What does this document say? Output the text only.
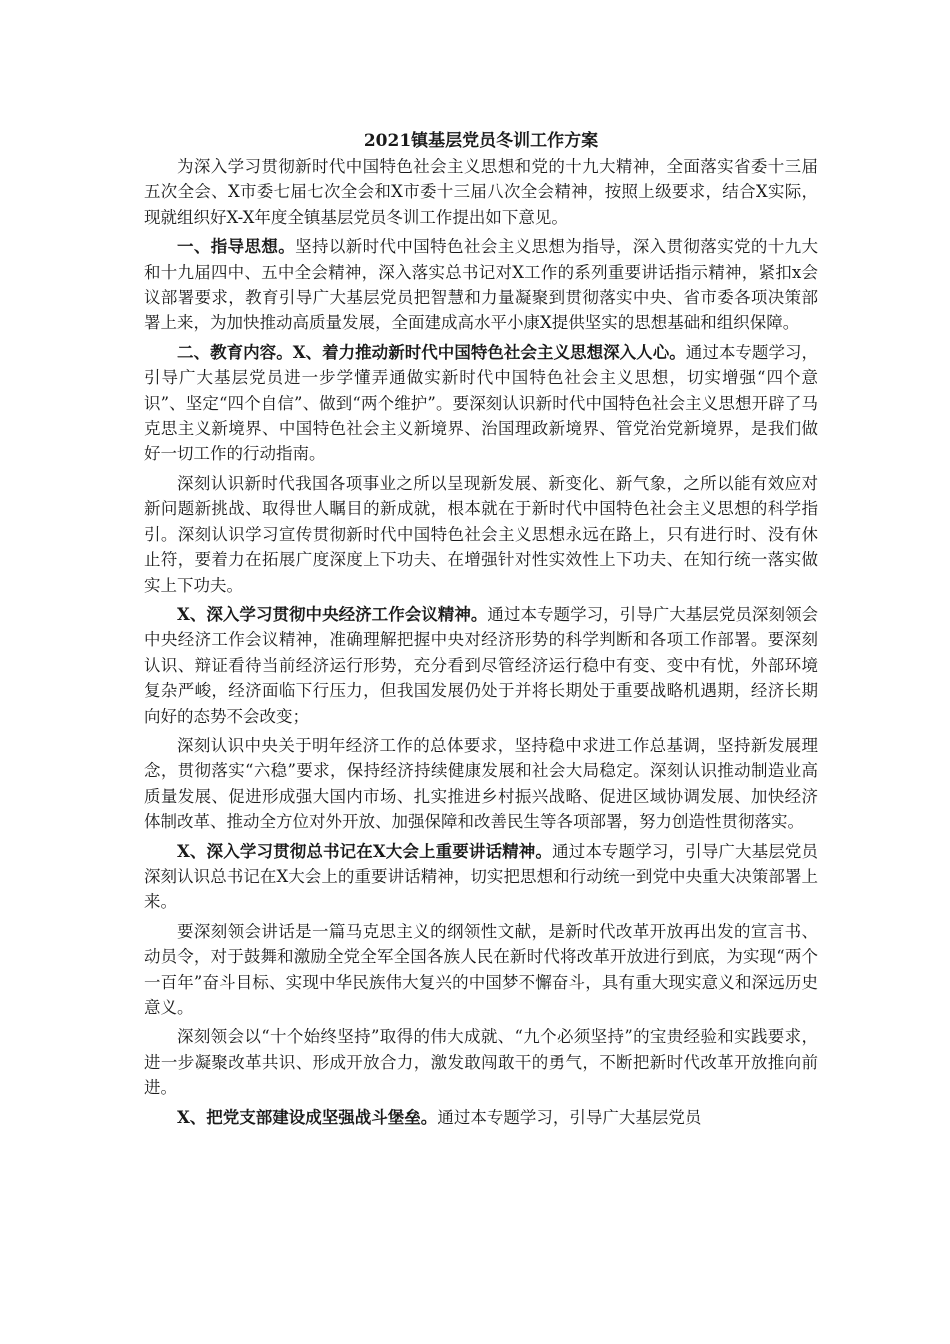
2021镇基层党员冬训工作方案

为深入学习贯彻新时代中国特色社会主义思想和党的十九大精神，全面落实省委十三届五次全会、X市委七届七次全会和X市委十三届八次全会精神，按照上级要求，结合X实际，现就组织好X-X年度全镇基层党员冬训工作提出如下意见。

一、指导思想。坚持以新时代中国特色社会主义思想为指导，深入贯彻落实党的十九大和十九届四中、五中全会精神，深入落实总书记对X工作的系列重要讲话指示精神，紧扣x会议部署要求，教育引导广大基层党员把智慧和力量凝聚到贯彻落实中央、省市委各项决策部署上来，为加快推动高质量发展，全面建成高水平小康X提供坚实的思想基础和组织保障。

二、教育内容。X、着力推动新时代中国特色社会主义思想深入人心。通过本专题学习，引导广大基层党员进一步学懂弄通做实新时代中国特色社会主义思想，切实增强“四个意识”、坚定“四个自信”、做到“两个维护”。要深刻认识新时代中国特色社会主义思想开辟了马克思主义新境界、中国特色社会主义新境界、治国理政新境界、管党治党新境界，是我们做好一切工作的行动指南。

深刻认识新时代我国各项事业之所以呈现新发展、新变化、新气象，之所以能有效应对新问题新挑战、取得世人瞩目的新成就，根本就在于新时代中国特色社会主义思想的科学指引。深刻认识学习宣传贯彻新时代中国特色社会主义思想永远在路上，只有进行时、没有休止符，要着力在拓展广度深度上下功夫、在增强针对性实效性上下功夫、在知行统一落实做实上下功夫。

X、深入学习贯彻中央经济工作会议精神。通过本专题学习，引导广大基层党员深刻领会中央经济工作会议精神，准确理解把握中央对经济形势的科学判断和各项工作部署。要深刻认识、辩证看待当前经济运行形势，充分看到尽管经济运行稳中有变、变中有忧，外部环境复杂严峻，经济面临下行压力，但我国发展仍处于并将长期处于重要战略机遇期，经济长期向好的态势不会改变；

深刻认识中央关于明年经济工作的总体要求，坚持稳中求进工作总基调，坚持新发展理念，贯彻落实“六稳”要求，保持经济持续健康发展和社会大局稳定。深刻认识推动制造业高质量发展、促进形成强大国内市场、扎实推进乡村振兴战略、促进区域协调发展、加快经济体制改革、推动全方位对外开放、加强保障和改善民生等各项部署，努力创造性贯彻落实。

X、深入学习贯彻总书记在X大会上重要讲话精神。通过本专题学习，引导广大基层党员深刻认识总书记在X大会上的重要讲话精神，切实把思想和行动统一到党中央重大决策部署上来。

要深刻领会讲话是一篇马克思主义的纲领性文献，是新时代改革开放再出发的宣言书、动员令，对于鼓舞和激励全党全军全国各族人民在新时代将改革开放进行到底，为实现“两个一百年”奋斗目标、实现中华民族伟大复兴的中国梦不懈奋斗，具有重大现实意义和深远历史意义。

深刻领会以“十个始终坚持”取得的伟大成就、“九个必须坚持”的宝贵经验和实践要求，进一步凝聚改革共识、形成开放合力，激发敢闯敢干的勇气，不断把新时代改革开放推向前进。

X、把党支部建设成坚强战斗堡垒。通过本专题学习，引导广大基层党员
